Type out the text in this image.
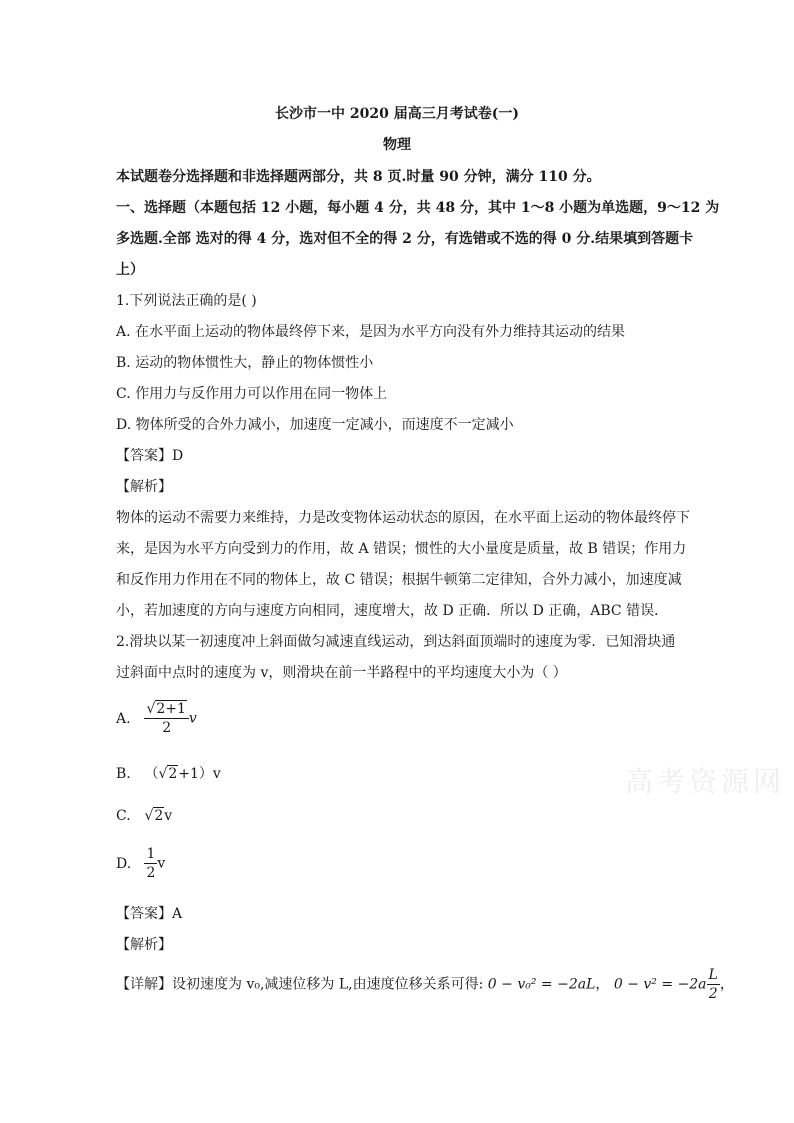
长沙市一中 2020 届高三月考试卷(一)
物理
本试题卷分选择题和非选择题两部分，共 8 页.时量 90 分钟，满分 110 分。
一、选择题（本题包括 12 小题，每小题 4 分，共 48 分，其中 1～8 小题为单选题，9～12 为
多选题.全部 选对的得 4 分，选对但不全的得 2 分，有选错或不选的得 0 分.结果填到答题卡
上）
1.下列说法正确的是( )
A. 在水平面上运动的物体最终停下来，是因为水平方向没有外力维持其运动的结果
B. 运动的物体惯性大，静止的物体惯性小
C. 作用力与反作用力可以作用在同一物体上
D. 物体所受的合外力减小，加速度一定减小，而速度不一定减小
【答案】D
【解析】
物体的运动不需要力来维持，力是改变物体运动状态的原因，在水平面上运动的物体最终停下来，是因为水平方向受到力的作用，故 A 错误；惯性的大小量度是质量，故 B 错误；作用力和反作用力作用在不同的物体上，故 C 错误；根据牛顿第二定律知，合外力减小，加速度减小，若加速度的方向与速度方向相同，速度增大，故 D 正确．所以 D 正确，ABC 错误．
2.滑块以某一初速度冲上斜面做匀减速直线运动，到达斜面顶端时的速度为零．已知滑块通
过斜面中点时的速度为 v，则滑块在前一半路程中的平均速度大小为（ ）
A. $\frac{√2+1}{2}$ v
B. （√2+1）v
C. √2v
D. $\frac{1}{2}$ v
【答案】A
【解析】
【详解】设初速度为 v₀,减速位移为 L,由速度位移关系可得: 0 − v₀² = −2aL， $0 - v^2 = -2a \frac{L}{2}$ ，
高考资源网
